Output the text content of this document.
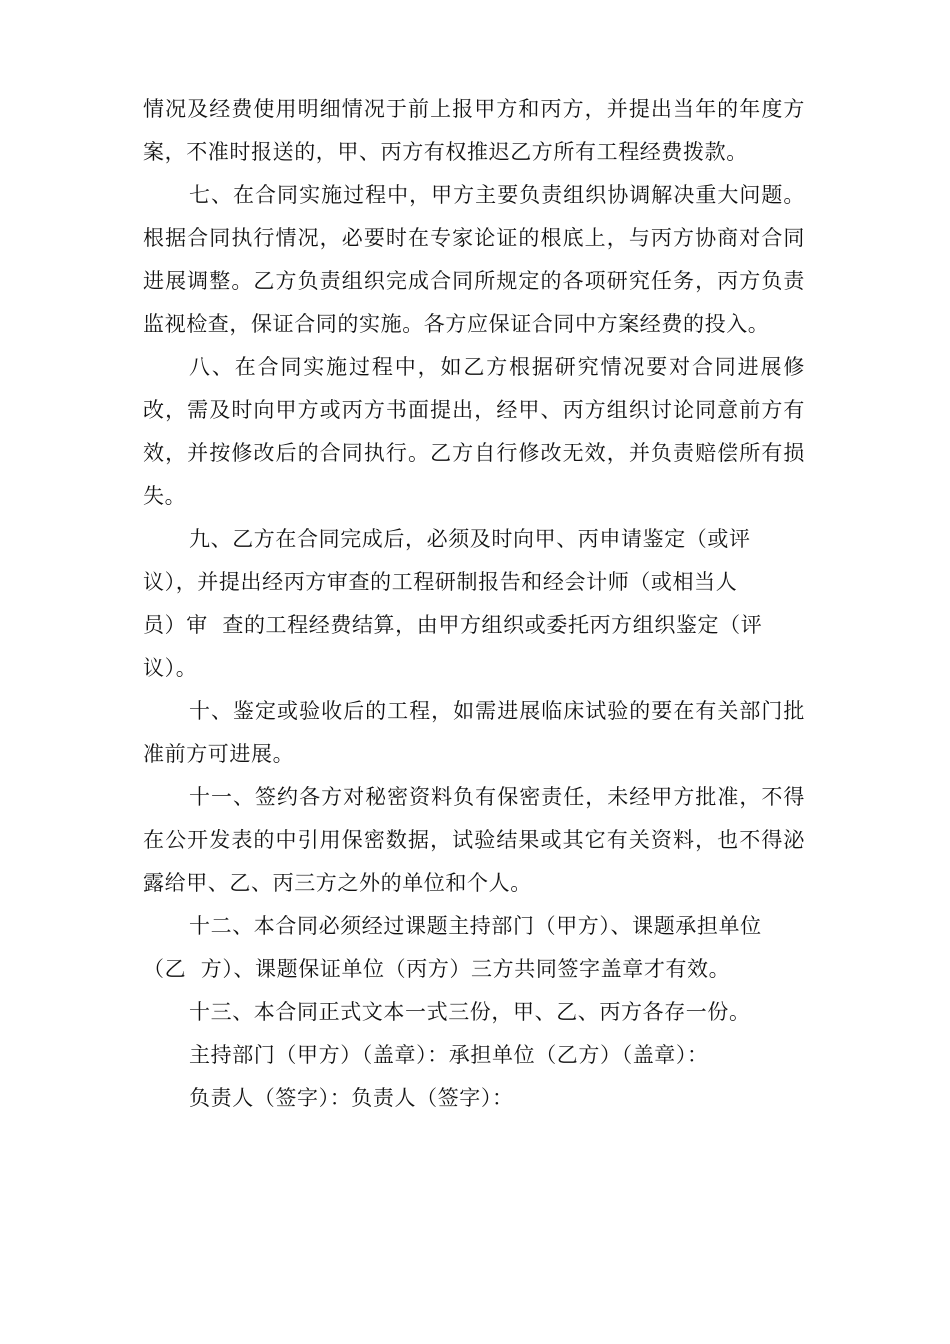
情况及经费使用明细情况于前上报甲方和丙方，并提出当年的年度方案，不准时报送的，甲、丙方有权推迟乙方所有工程经费拨款。

七、在合同实施过程中，甲方主要负责组织协调解决重大问题。根据合同执行情况，必要时在专家论证的根底上，与丙方协商对合同进展调整。乙方负责组织完成合同所规定的各项研究任务，丙方负责监视检查，保证合同的实施。各方应保证合同中方案经费的投入。

八、在合同实施过程中，如乙方根据研究情况要对合同进展修改，需及时向甲方或丙方书面提出，经甲、丙方组织讨论同意前方有效，并按修改后的合同执行。乙方自行修改无效，并负责赔偿所有损失。

九、乙方在合同完成后，必须及时向甲、丙申请鉴定（或评
议），并提出经丙方审查的工程研制报告和经会计师（或相当人
员）审  查的工程经费结算，由甲方组织或委托丙方组织鉴定（评
议）。

十、鉴定或验收后的工程，如需进展临床试验的要在有关部门批准前方可进展。

十一、签约各方对秘密资料负有保密责任，未经甲方批准，不得在公开发表的中引用保密数据，试验结果或其它有关资料，也不得泌露给甲、乙、丙三方之外的单位和个人。

十二、本合同必须经过课题主持部门（甲方）、课题承担单位
（乙  方）、课题保证单位（丙方）三方共同签字盖章才有效。

十三、本合同正式文本一式三份，甲、乙、丙方各存一份。

主持部门（甲方）（盖章）：承担单位（乙方）（盖章）：

负责人（签字）：负责人（签字）：
